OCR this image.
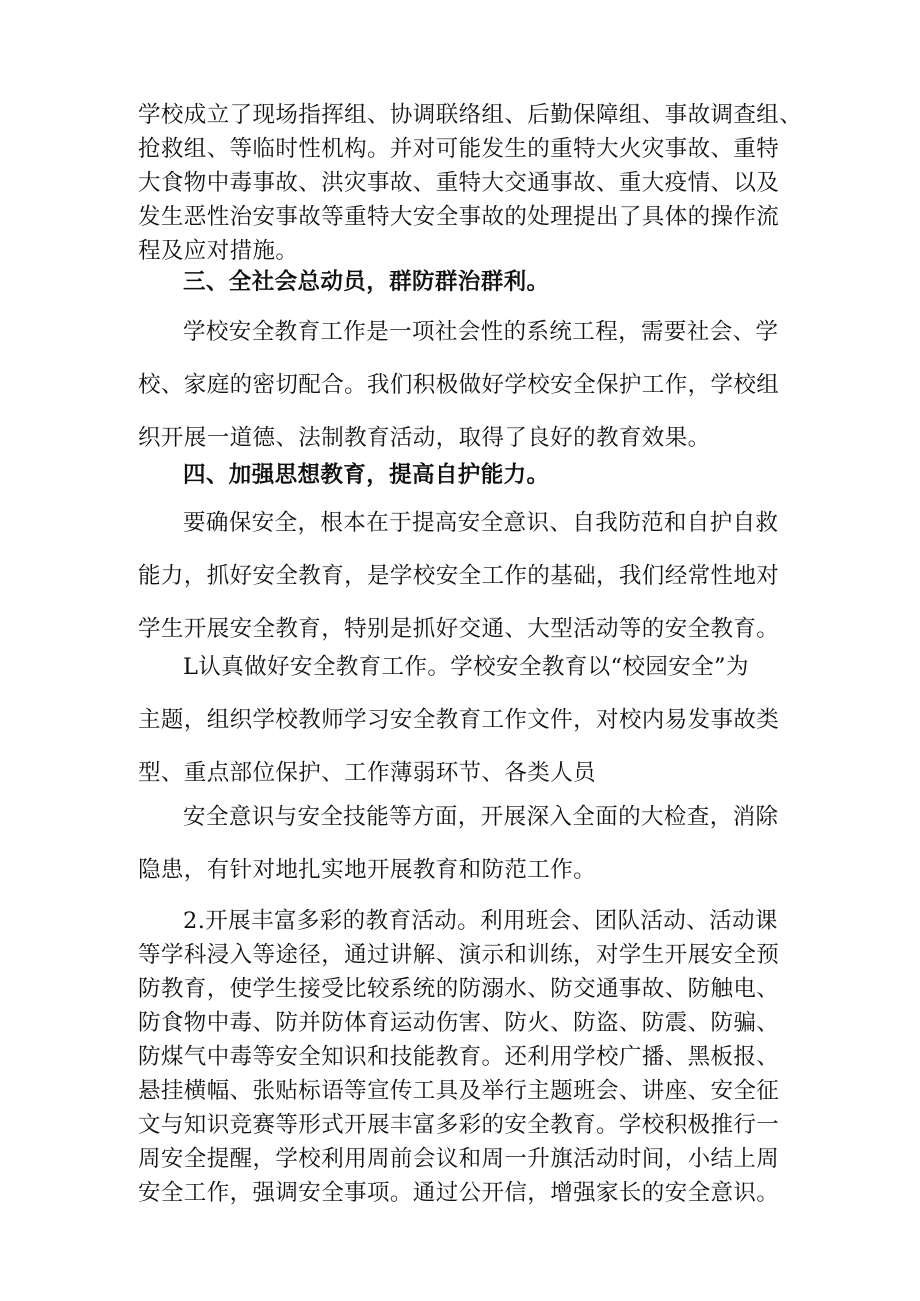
学校成立了现场指挥组、协调联络组、后勤保障组、事故调查组、
抢救组、等临时性机构。并对可能发生的重特大火灾事故、重特
大食物中毒事故、洪灾事故、重特大交通事故、重大疫情、以及
发生恶性治安事故等重特大安全事故的处理提出了具体的操作流
程及应对措施。
三、全社会总动员，群防群治群利。
学校安全教育工作是一项社会性的系统工程，需要社会、学
校、家庭的密切配合。我们积极做好学校安全保护工作，学校组
织开展一道德、法制教育活动，取得了良好的教育效果。
四、加强思想教育，提高自护能力。
要确保安全，根本在于提高安全意识、自我防范和自护自救
能力，抓好安全教育，是学校安全工作的基础，我们经常性地对
学生开展安全教育，特别是抓好交通、大型活动等的安全教育。
L认真做好安全教育工作。学校安全教育以“校园安全”为
主题，组织学校教师学习安全教育工作文件，对校内易发事故类
型、重点部位保护、工作薄弱环节、各类人员
安全意识与安全技能等方面，开展深入全面的大检查，消除
隐患，有针对地扎实地开展教育和防范工作。
2.开展丰富多彩的教育活动。利用班会、团队活动、活动课
等学科浸入等途径，通过讲解、演示和训练，对学生开展安全预
防教育，使学生接受比较系统的防溺水、防交通事故、防触电、
防食物中毒、防并防体育运动伤害、防火、防盗、防震、防骗、
防煤气中毒等安全知识和技能教育。还利用学校广播、黑板报、
悬挂横幅、张贴标语等宣传工具及举行主题班会、讲座、安全征
文与知识竞赛等形式开展丰富多彩的安全教育。学校积极推行一
周安全提醒，学校利用周前会议和周一升旗活动时间，小结上周
安全工作，强调安全事项。通过公开信，增强家长的安全意识。
